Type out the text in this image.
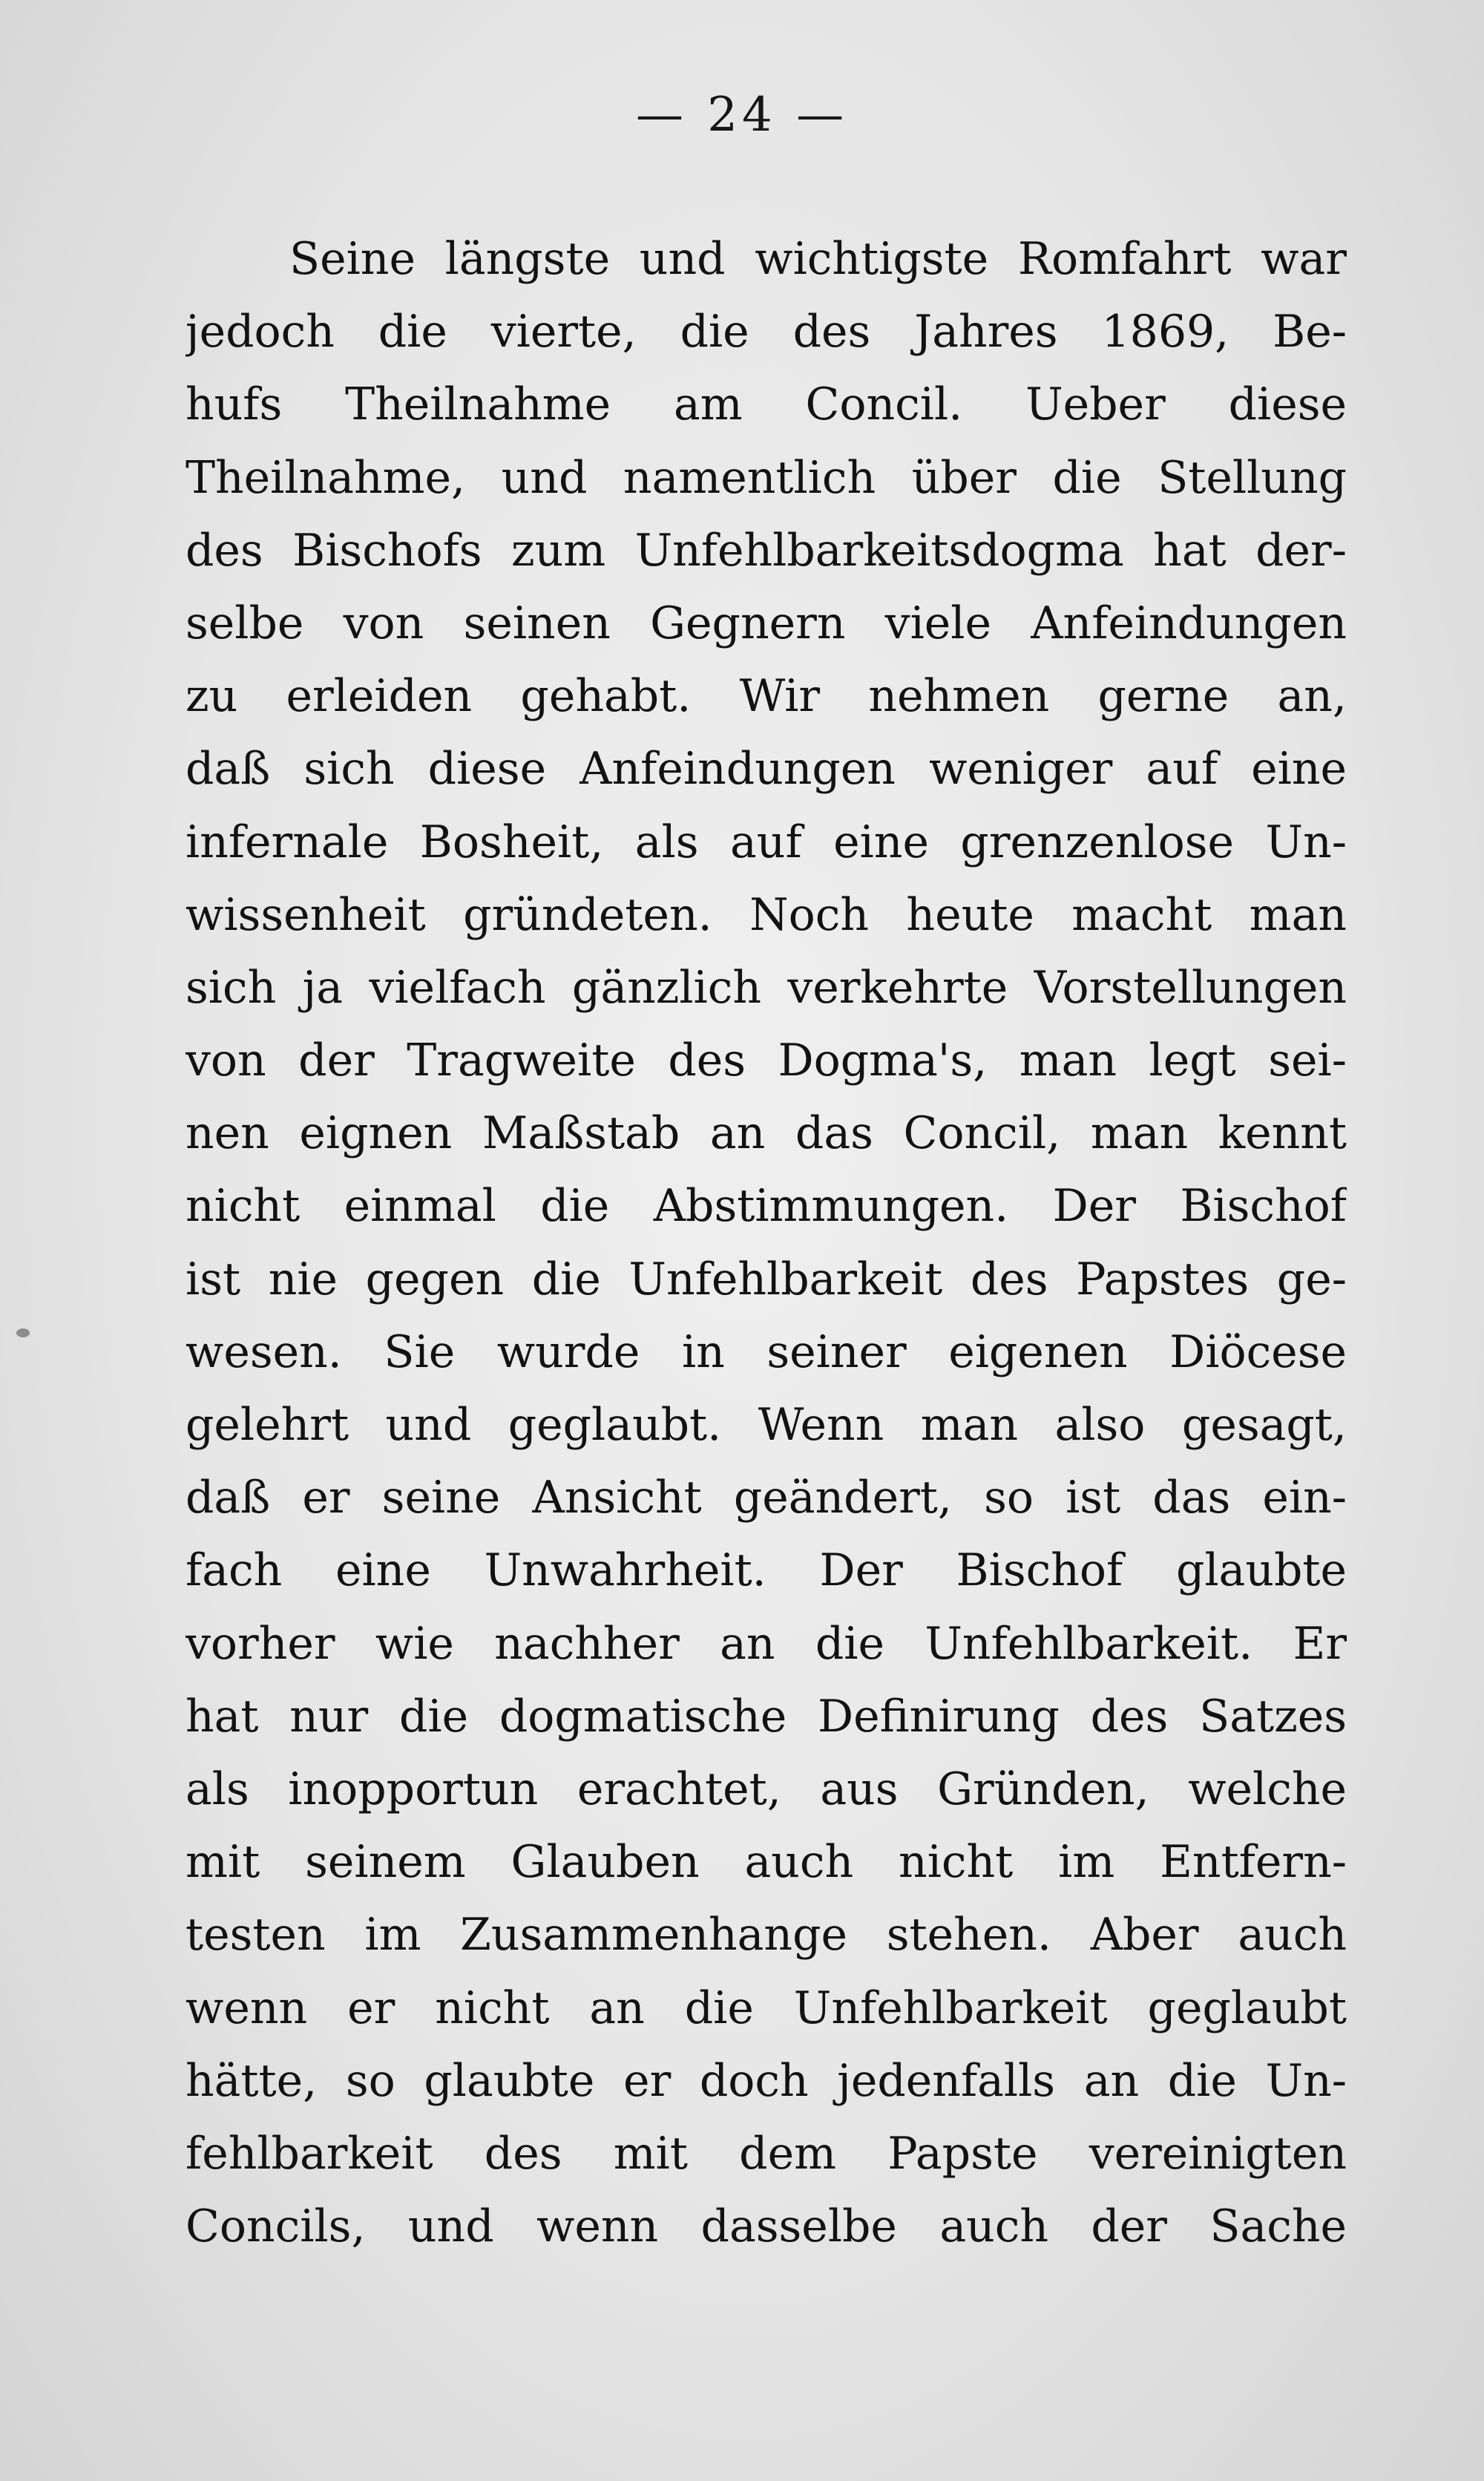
— 24 —
Seine längste und wichtigste Romfahrt war
jedoch die vierte, die des Jahres 1869, Be-
hufs Theilnahme am Concil. Ueber diese
Theilnahme, und namentlich über die Stellung
des Bischofs zum Unfehlbarkeitsdogma hat der-
selbe von seinen Gegnern viele Anfeindungen
zu erleiden gehabt. Wir nehmen gerne an,
daß sich diese Anfeindungen weniger auf eine
infernale Bosheit, als auf eine grenzenlose Un-
wissenheit gründeten. Noch heute macht man
sich ja vielfach gänzlich verkehrte Vorstellungen
von der Tragweite des Dogma's, man legt sei-
nen eignen Maßstab an das Concil, man kennt
nicht einmal die Abstimmungen. Der Bischof
ist nie gegen die Unfehlbarkeit des Papstes ge-
wesen. Sie wurde in seiner eigenen Diöcese
gelehrt und geglaubt. Wenn man also gesagt,
daß er seine Ansicht geändert, so ist das ein-
fach eine Unwahrheit. Der Bischof glaubte
vorher wie nachher an die Unfehlbarkeit. Er
hat nur die dogmatische Definirung des Satzes
als inopportun erachtet, aus Gründen, welche
mit seinem Glauben auch nicht im Entfern-
testen im Zusammenhange stehen. Aber auch
wenn er nicht an die Unfehlbarkeit geglaubt
hätte, so glaubte er doch jedenfalls an die Un-
fehlbarkeit des mit dem Papste vereinigten
Concils, und wenn dasselbe auch der Sache
